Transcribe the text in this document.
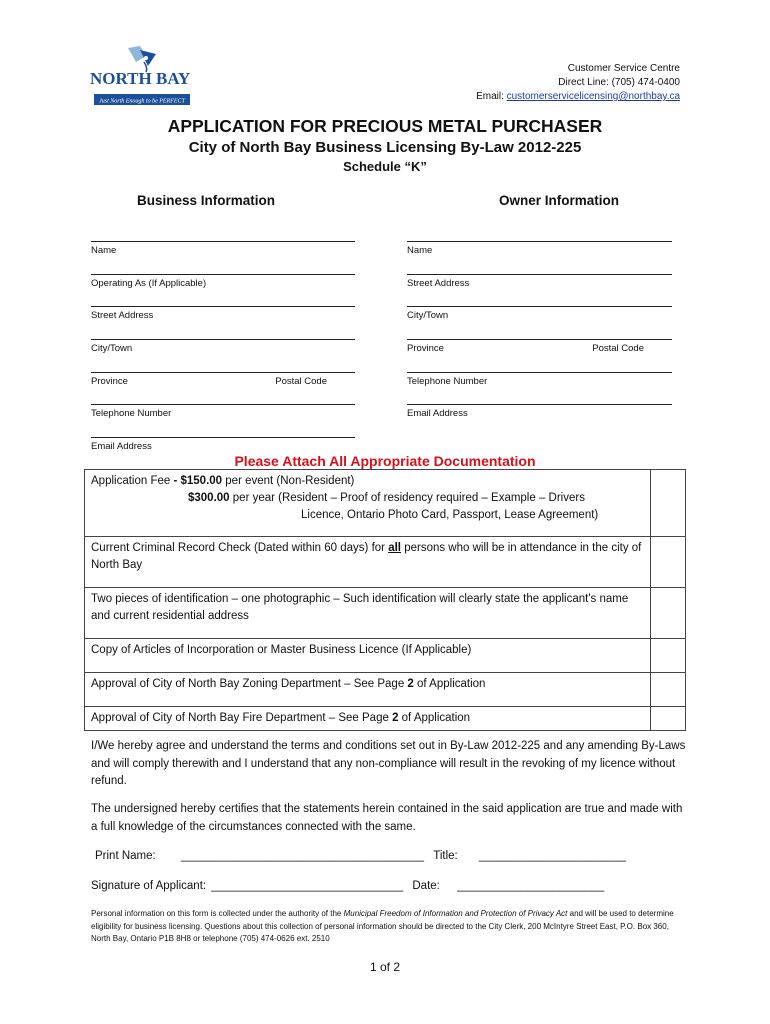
NORTH BAY
Just North Enough to be PERFECT
Customer Service Centre
Direct Line: (705) 474-0400
Email: customerservicelicensing@northbay.ca
APPLICATION FOR PRECIOUS METAL PURCHASER
City of North Bay Business Licensing By-Law 2012-225
Schedule “K”
Business Information	Owner Information
Name
Operating As (If Applicable)
Street Address
City/Town
Province	Postal Code
Telephone Number
Email Address
Name
Street Address
City/Town
Province	Postal Code
Telephone Number
Email Address
Please Attach All Appropriate Documentation
Application Fee - $150.00 per event (Non-Resident)
$300.00 per year (Resident – Proof of residency required – Example – Drivers
Licence, Ontario Photo Card, Passport, Lease Agreement)	

Current Criminal Record Check (Dated within 60 days) for all persons who will be in attendance in the city of North Bay	
Two pieces of identification – one photographic – Such identification will clearly state the applicant's name and current residential address	
Copy of Articles of Incorporation or Master Business Licence (If Applicable)	
Approval of City of North Bay Zoning Department – See Page 2 of Application	
Approval of City of North Bay Fire Department – See Page 2 of Application	
I/We hereby agree and understand the terms and conditions set out in By-Law 2012-225 and any amending By-Laws and will comply therewith and I understand that any non-compliance will result in the revoking of my licence without refund.
The undersigned hereby certifies that the statements herein contained in the said application are true and made with a full knowledge of the circumstances connected with the same.
Print Name: ______________________________________ Title: _______________________
Signature of Applicant: ______________________________ Date: _______________________
Personal information on this form is collected under the authority of the Municipal Freedom of Information and Protection of Privacy Act and will be used to determine eligibility for business licensing. Questions about this collection of personal information should be directed to the City Clerk, 200 McIntyre Street East, P.O. Box 360, North Bay, Ontario P1B 8H8 or telephone (705) 474-0626 ext. 2510
1 of 2
